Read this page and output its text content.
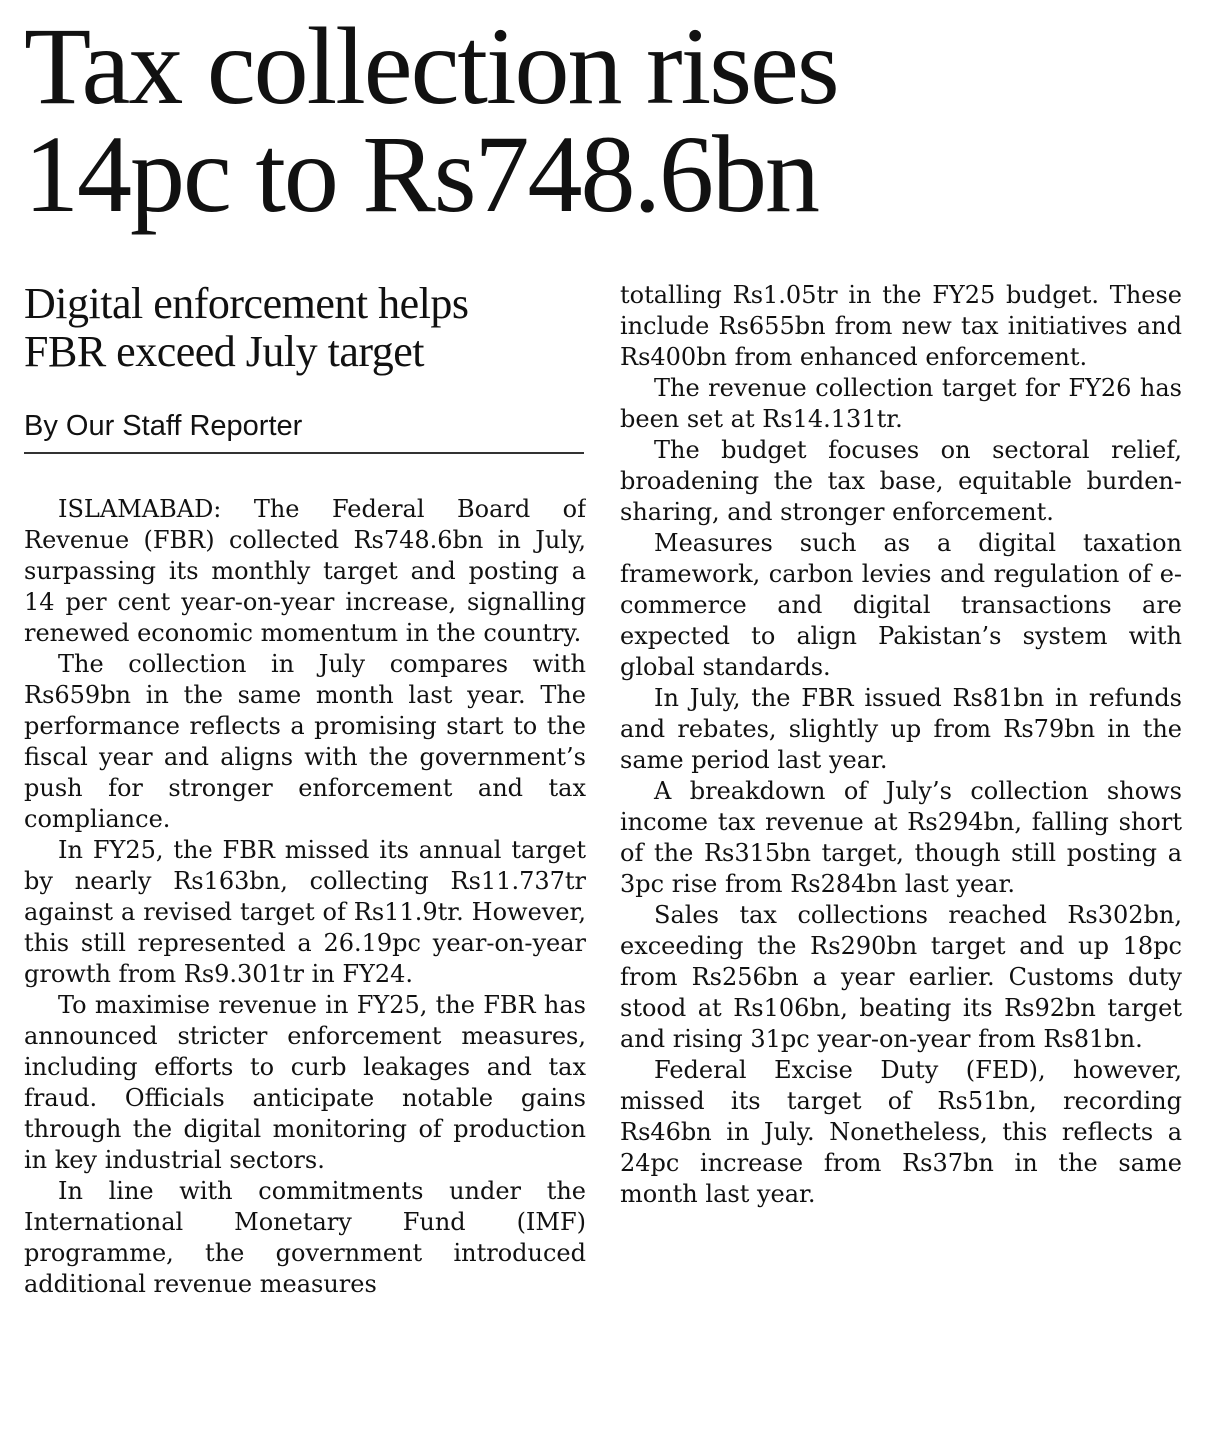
Tax collection rises
14pc to Rs748.6bn
Digital enforcement helps
FBR exceed July target
By Our Staff Reporter

ISLAMABAD: The Federal Board of Revenue (FBR) collected Rs748.6bn in July, surpassing its monthly target and posting a 14 per cent year-on-year increase, signalling renewed economic momentum in the country.

The collection in July compares with Rs659bn in the same month last year. The performance reflects a promising start to the fiscal year and aligns with the government’s push for stronger enforcement and tax compliance.

In FY25, the FBR missed its annual target by nearly Rs163bn, collecting Rs11.737tr against a revised target of Rs11.9tr. However, this still represented a 26.19pc year-on-year growth from Rs9.301tr in FY24.

To maximise revenue in FY25, the FBR has announced stricter enforcement measures, including efforts to curb leakages and tax fraud. Officials anticipate notable gains through the digital monitoring of production in key industrial sectors.

In line with commitments under the International Monetary Fund (IMF) programme, the government introduced additional revenue measures

totalling Rs1.05tr in the FY25 budget. These include Rs655bn from new tax initiatives and Rs400bn from enhanced enforcement.

The revenue collection target for FY26 has been set at Rs14.131tr.

The budget focuses on sectoral relief, broadening the tax base, equitable burden-sharing, and stronger enforcement.

Measures such as a digital taxation framework, carbon levies and regulation of e-commerce and digital transactions are expected to align Pakistan’s system with global standards.

In July, the FBR issued Rs81bn in refunds and rebates, slightly up from Rs79bn in the same period last year.

A breakdown of July’s collection shows income tax revenue at Rs294bn, falling short of the Rs315bn target, though still posting a 3pc rise from Rs284bn last year.

Sales tax collections reached Rs302bn, exceeding the Rs290bn target and up 18pc from Rs256bn a year earlier. Customs duty stood at Rs106bn, beating its Rs92bn target and rising 31pc year-on-year from Rs81bn.

Federal Excise Duty (FED), however, missed its target of Rs51bn, recording Rs46bn in July. Nonetheless, this reflects a 24pc increase from Rs37bn in the same month last year.
